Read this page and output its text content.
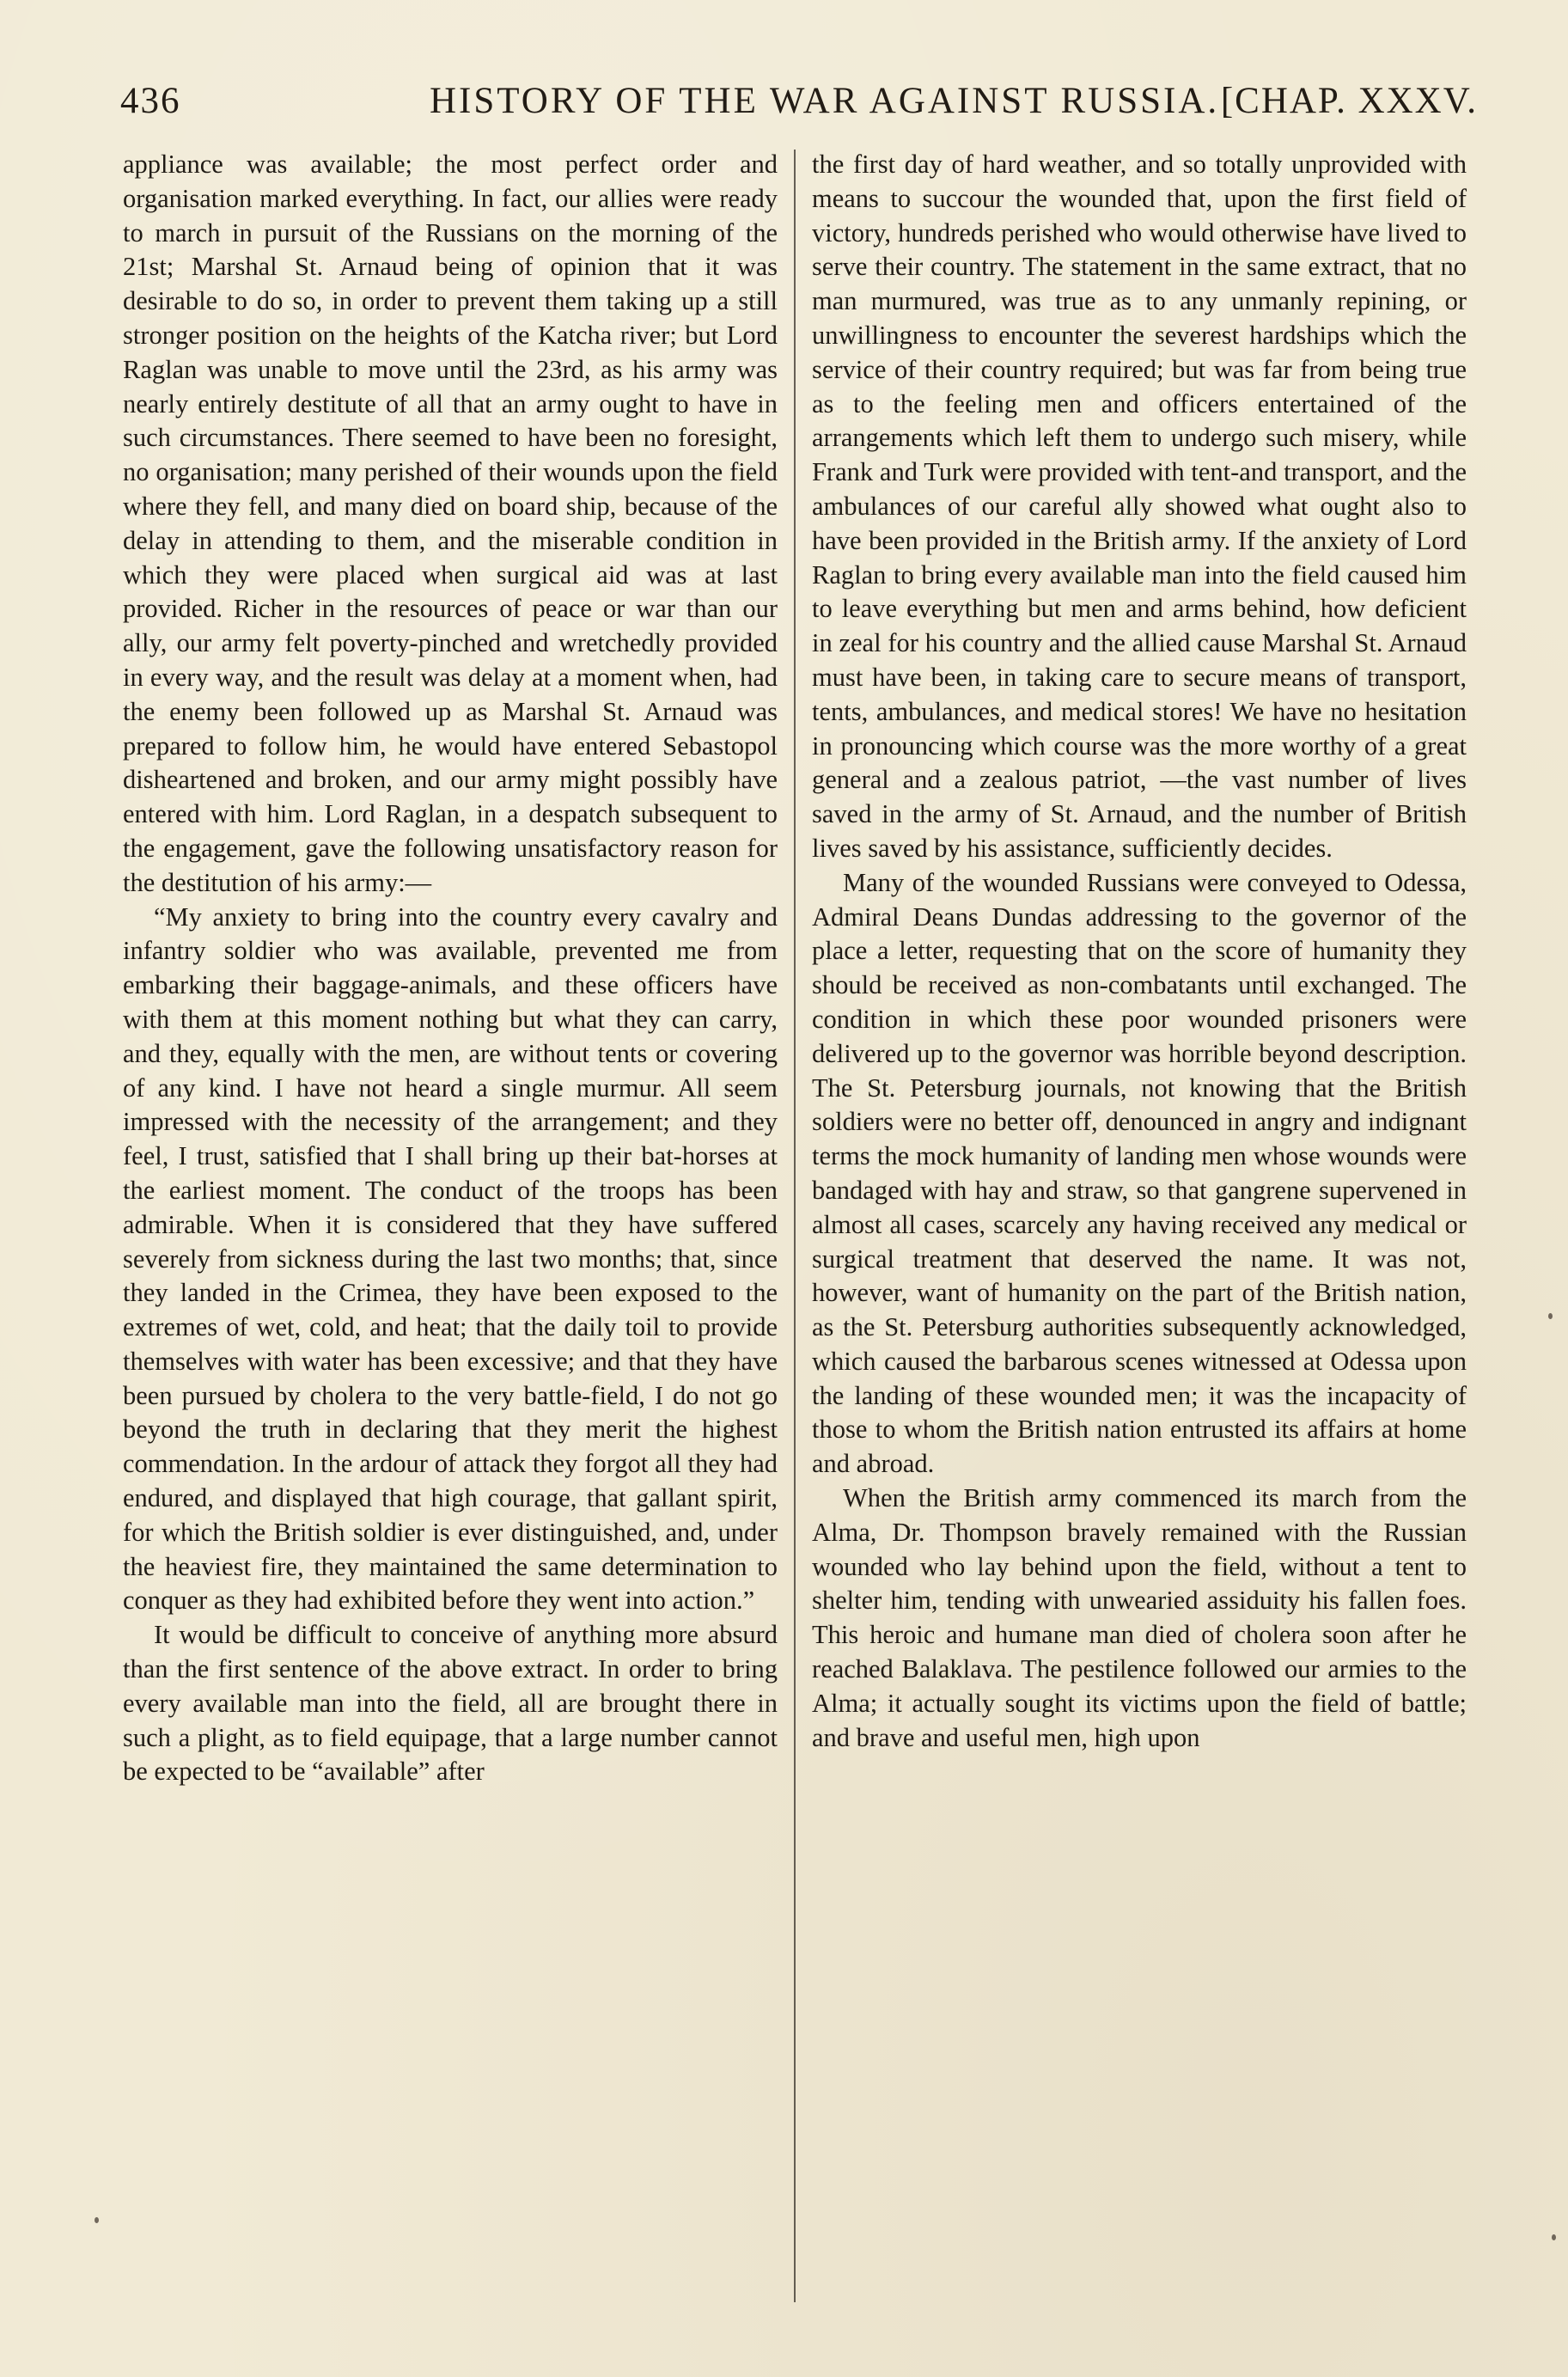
436	HISTORY OF THE WAR AGAINST RUSSIA. [CHAP. XXXV.

appliance was available; the most perfect order and organisation marked everything. In fact, our allies were ready to march in pursuit of the Russians on the morning of the 21st; Marshal St. Arnaud being of opinion that it was desirable to do so, in order to prevent them taking up a still stronger position on the heights of the Katcha river; but Lord Raglan was unable to move until the 23rd, as his army was nearly entirely destitute of all that an army ought to have in such circumstances. There seemed to have been no foresight, no organisation; many perished of their wounds upon the field where they fell, and many died on board ship, because of the delay in attending to them, and the miserable condition in which they were placed when surgical aid was at last provided. Richer in the resources of peace or war than our ally, our army felt poverty-pinched and wretchedly provided in every way, and the result was delay at a moment when, had the enemy been followed up as Marshal St. Arnaud was prepared to follow him, he would have entered Sebastopol disheartened and broken, and our army might possibly have entered with him. Lord Raglan, in a despatch subsequent to the engagement, gave the following unsatisfactory reason for the destitution of his army:—

“My anxiety to bring into the country every cavalry and infantry soldier who was available, prevented me from embarking their baggage-animals, and these officers have with them at this moment nothing but what they can carry, and they, equally with the men, are without tents or covering of any kind. I have not heard a single murmur. All seem impressed with the necessity of the arrangement; and they feel, I trust, satisfied that I shall bring up their bat-horses at the earliest moment. The conduct of the troops has been admirable. When it is considered that they have suffered severely from sickness during the last two months; that, since they landed in the Crimea, they have been exposed to the extremes of wet, cold, and heat; that the daily toil to provide themselves with water has been excessive; and that they have been pursued by cholera to the very battle-field, I do not go beyond the truth in declaring that they merit the highest commendation. In the ardour of attack they forgot all they had endured, and displayed that high courage, that gallant spirit, for which the British soldier is ever distinguished, and, under the heaviest fire, they maintained the same determination to conquer as they had exhibited before they went into action.”

It would be difficult to conceive of anything more absurd than the first sentence of the above extract. In order to bring every available man into the field, all are brought there in such a plight, as to field equipage, that a large number cannot be expected to be “available” after

the first day of hard weather, and so totally unprovided with means to succour the wounded that, upon the first field of victory, hundreds perished who would otherwise have lived to serve their country. The statement in the same extract, that no man murmured, was true as to any unmanly repining, or unwillingness to encounter the severest hardships which the service of their country required; but was far from being true as to the feeling men and officers entertained of the arrangements which left them to undergo such misery, while Frank and Turk were provided with tent-and transport, and the ambulances of our careful ally showed what ought also to have been provided in the British army. If the anxiety of Lord Raglan to bring every available man into the field caused him to leave everything but men and arms behind, how deficient in zeal for his country and the allied cause Marshal St. Arnaud must have been, in taking care to secure means of transport, tents, ambulances, and medical stores! We have no hesitation in pronouncing which course was the more worthy of a great general and a zealous patriot, —the vast number of lives saved in the army of St. Arnaud, and the number of British lives saved by his assistance, sufficiently decides.

Many of the wounded Russians were conveyed to Odessa, Admiral Deans Dundas addressing to the governor of the place a letter, requesting that on the score of humanity they should be received as non-combatants until exchanged. The condition in which these poor wounded prisoners were delivered up to the governor was horrible beyond description. The St. Petersburg journals, not knowing that the British soldiers were no better off, denounced in angry and indignant terms the mock humanity of landing men whose wounds were bandaged with hay and straw, so that gangrene supervened in almost all cases, scarcely any having received any medical or surgical treatment that deserved the name. It was not, however, want of humanity on the part of the British nation, as the St. Petersburg authorities subsequently acknowledged, which caused the barbarous scenes witnessed at Odessa upon the landing of these wounded men; it was the incapacity of those to whom the British nation entrusted its affairs at home and abroad.

When the British army commenced its march from the Alma, Dr. Thompson bravely remained with the Russian wounded who lay behind upon the field, without a tent to shelter him, tending with unwearied assiduity his fallen foes. This heroic and humane man died of cholera soon after he reached Balaklava. The pestilence followed our armies to the Alma; it actually sought its victims upon the field of battle; and brave and useful men, high upon
